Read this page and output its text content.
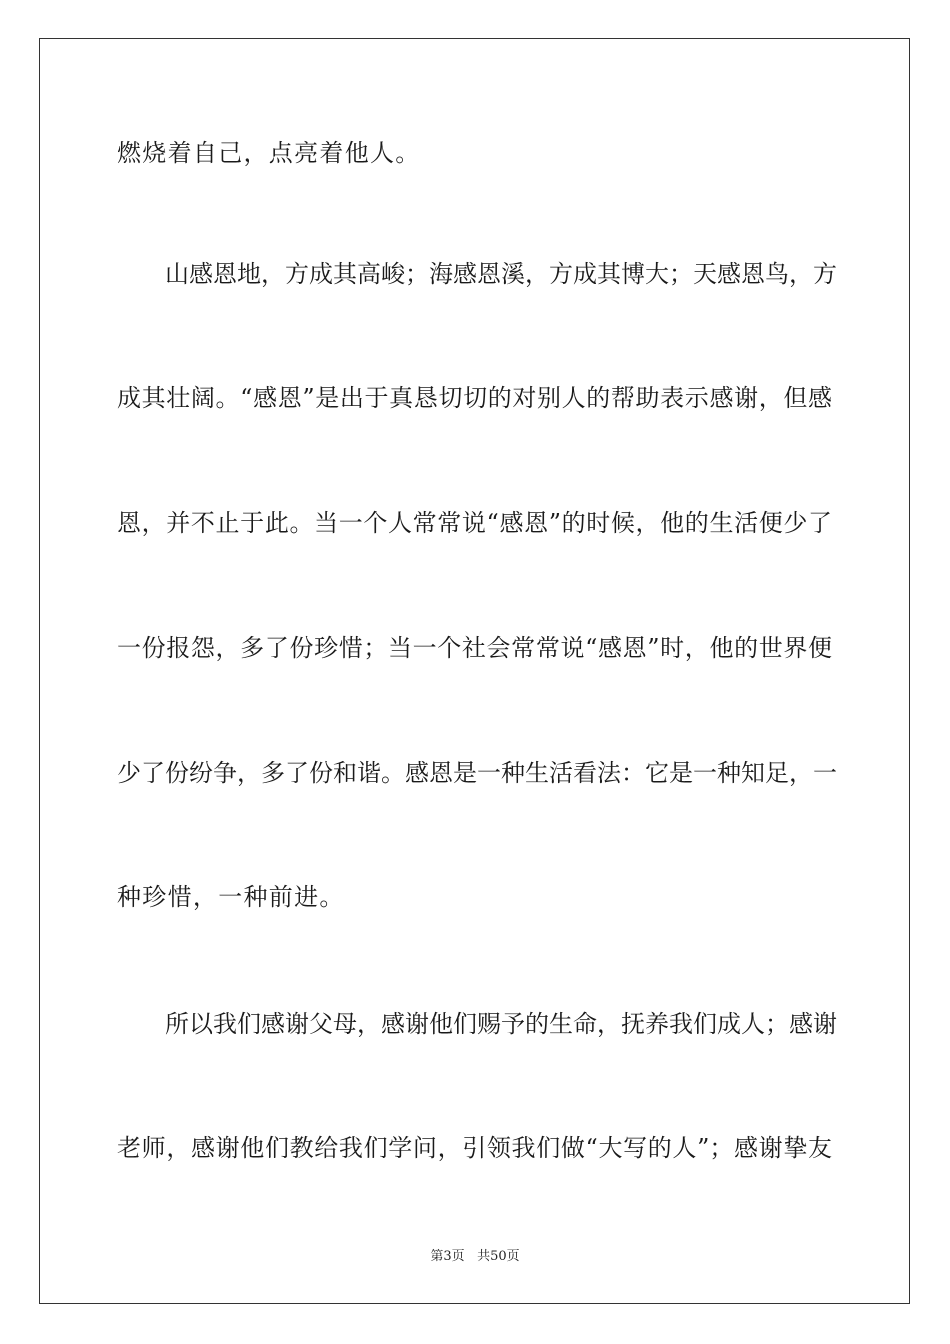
燃烧着自己，点亮着他人。
山感恩地，方成其高峻；海感恩溪，方成其博大；天感恩鸟，方
成其壮阔。“感恩”是出于真恳切切的对别人的帮助表示感谢，但感
恩，并不止于此。当一个人常常说“感恩”的时候，他的生活便少了
一份报怨，多了份珍惜；当一个社会常常说“感恩”时，他的世界便
少了份纷争，多了份和谐。感恩是一种生活看法：它是一种知足，一
种珍惜，一种前进。
所以我们感谢父母，感谢他们赐予的生命，抚养我们成人；感谢
老师，感谢他们教给我们学问，引领我们做“大写的人”；感谢挚友
第3页 共50页
